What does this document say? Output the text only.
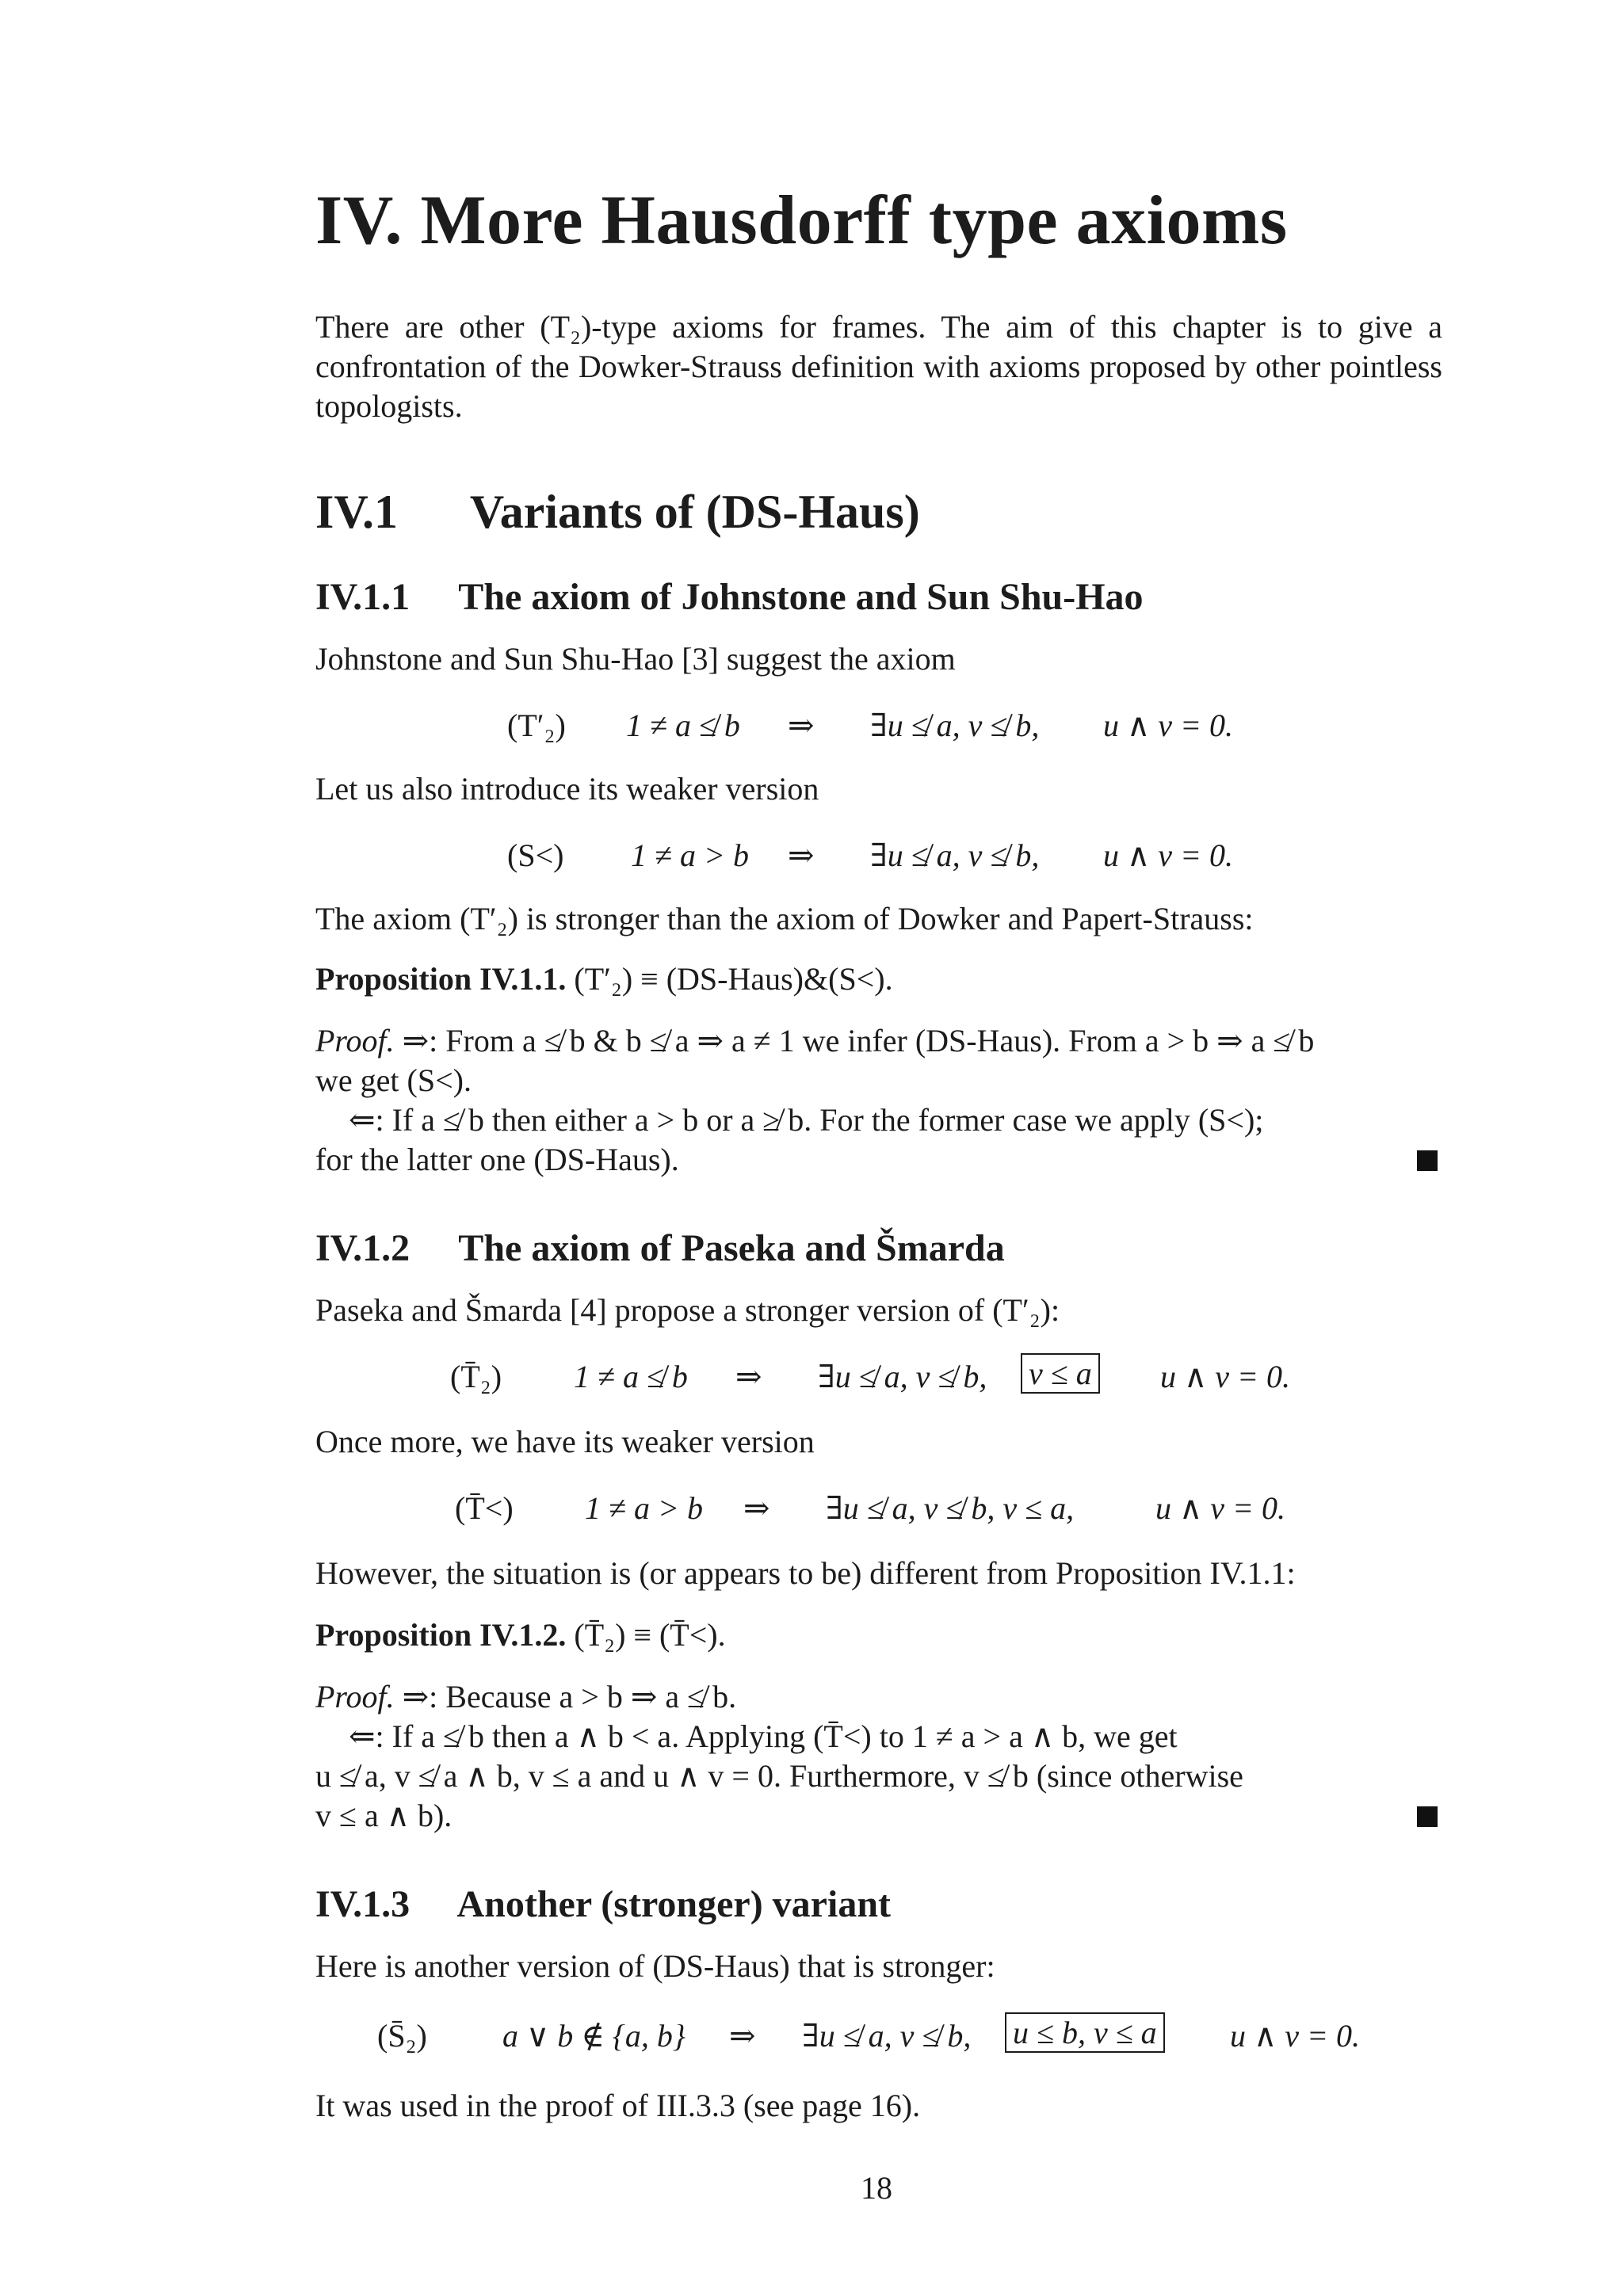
IV. More Hausdorff type axioms
There are other (T₂)-type axioms for frames. The aim of this chapter is to give a confrontation of the Dowker-Strauss definition with axioms proposed by other pointless topologists.
IV.1 Variants of (DS-Haus)
IV.1.1 The axiom of Johnstone and Sun Shu-Hao
Johnstone and Sun Shu-Hao [3] suggest the axiom
(T′₂) 1 ≠ a ≰ b ⇒ ∃u ≰ a, v ≰ b, u ∧ v = 0.
Let us also introduce its weaker version
(S<) 1 ≠ a > b ⇒ ∃u ≰ a, v ≰ b, u ∧ v = 0.
The axiom (T′₂) is stronger than the axiom of Dowker and Papert-Strauss:
Proposition IV.1.1. (T′₂) ≡ (DS-Haus)&(S<).
Proof. ⇒: From a ≰ b & b ≰ a ⇒ a ≠ 1 we infer (DS-Haus). From a > b ⇒ a ≰ b
we get (S<).
⇐: If a ≰ b then either a > b or a ≱ b. For the former case we apply (S<);
for the latter one (DS-Haus).
IV.1.2 The axiom of Paseka and Šmarda
Paseka and Šmarda [4] propose a stronger version of (T′₂):
(T̄₂) 1 ≠ a ≰ b ⇒ ∃u ≰ a, v ≰ b, v ≤ a u ∧ v = 0.
Once more, we have its weaker version
(T̄<) 1 ≠ a > b ⇒ ∃u ≰ a, v ≰ b, v ≤ a,	u ∧ v = 0.
However, the situation is (or appears to be) different from Proposition IV.1.1:
Proposition IV.1.2. (T̄₂) ≡ (T̄<).
Proof. ⇒: Because a > b ⇒ a ≰ b.
⇐: If a ≰ b then a ∧ b < a. Applying (T̄<) to 1 ≠ a > a ∧ b, we get
u ≰ a, v ≰ a ∧ b, v ≤ a and u ∧ v = 0. Furthermore, v ≰ b (since otherwise
v ≤ a ∧ b).
IV.1.3 Another (stronger) variant
Here is another version of (DS-Haus) that is stronger:
(S̄₂) a ∨ b ∉ {a, b} ⇒ ∃u ≰ a, v ≰ b, u ≤ b, v ≤ a u ∧ v = 0.
It was used in the proof of III.3.3 (see page 16).
18
